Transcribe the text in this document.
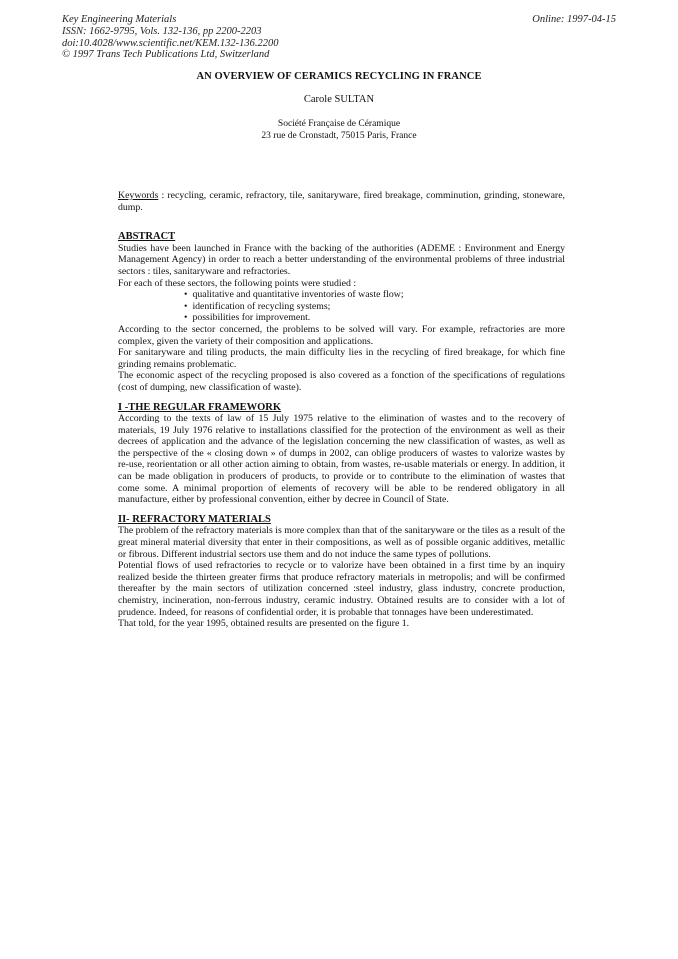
Key Engineering Materials
ISSN: 1662-9795, Vols. 132-136, pp 2200-2203
doi:10.4028/www.scientific.net/KEM.132-136.2200
© 1997 Trans Tech Publications Ltd, Switzerland
Online: 1997-04-15
AN OVERVIEW OF CERAMICS RECYCLING IN FRANCE
Carole SULTAN
Société Française de Céramique
23 rue de Cronstadt, 75015 Paris, France

Keywords : recycling, ceramic, refractory, tile, sanitaryware, fired breakage, comminution, grinding, stoneware, dump.

ABSTRACT

Studies have been launched in France with the backing of the authorities (ADEME : Environment and Energy Management Agency) in order to reach a better understanding of the environmental problems of three industrial sectors : tiles, sanitaryware and refractories.

For each of these sectors, the following points were studied :

• qualitative and quantitative inventories of waste flow;
• identification of recycling systems;
• possibilities for improvement.

According to the sector concerned, the problems to be solved will vary. For example, refractories are more complex, given the variety of their composition and applications.

For sanitaryware and tiling products, the main difficulty lies in the recycling of fired breakage, for which fine grinding remains problematic.

The economic aspect of the recycling proposed is also covered as a fonction of the specifications of regulations (cost of dumping, new classification of waste).

I -THE REGULAR FRAMEWORK

According to the texts of law of 15 July 1975 relative to the elimination of wastes and to the recovery of materials, 19 July 1976 relative to installations classified for the protection of the environment as well as their decrees of application and the advance of the legislation concerning the new classification of wastes, as well as the perspective of the « closing down » of dumps in 2002, can oblige producers of wastes to valorize wastes by re-use, reorientation or all other action aiming to obtain, from wastes, re-usable materials or energy. In addition, it can be made obligation in producers of products, to provide or to contribute to the elimination of wastes that come some. A minimal proportion of elements of recovery will be able to be rendered obligatory in all manufacture, either by professional convention, either by decree in Council of State.

II- REFRACTORY MATERIALS

The problem of the refractory materials is more complex than that of the sanitaryware or the tiles as a result of the great mineral material diversity that enter in their compositions, as well as of possible organic additives, metallic or fibrous. Different industrial sectors use them and do not induce the same types of pollutions.

Potential flows of used refractories to recycle or to valorize have been obtained in a first time by an inquiry realized beside the thirteen greater firms that produce refractory materials in metropolis; and will be confirmed thereafter by the main sectors of utilization concerned :steel industry, glass industry, concrete production, chemistry, incineration, non-ferrous industry, ceramic industry. Obtained results are to consider with a lot of prudence. Indeed, for reasons of confidential order, it is probable that tonnages have been underestimated.

That told, for the year 1995, obtained results are presented on the figure 1.
